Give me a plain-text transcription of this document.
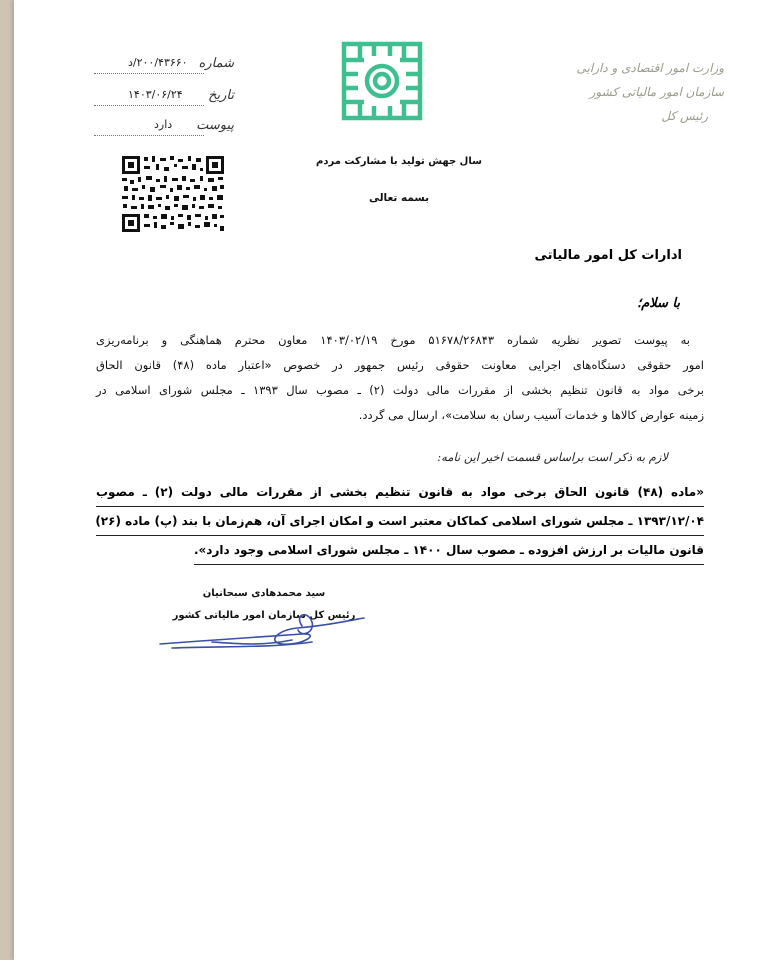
شماره
۲۰۰/۴۳۶۶۰/د
تاریخ
۱۴۰۳/۰۶/۲۴
پیوست
دارد
وزارت امور اقتصادی و دارایی
سازمان امور مالیاتی کشور
رئیس کل
سال جهش تولید با مشارکت مردم
بسمه تعالی
ادارات کل امور مالیاتی
با سلام؛
به پیوست تصویر نظریه شماره ۵۱۶۷۸/۲۶۸۴۳ مورخ ۱۴۰۳/۰۲/۱۹ معاون محترم هماهنگی و برنامه‌ریزی
امور حقوقی دستگاه‌های اجرایی معاونت حقوقی رئیس جمهور در خصوص «اعتبار ماده (۴۸) قانون الحاق
برخی مواد به قانون تنظیم بخشی از مقررات مالی دولت (۲) ـ مصوب سال ۱۳۹۳ ـ مجلس شورای اسلامی در
زمینه عوارض کالاها و خدمات آسیب رسان به سلامت»، ارسال می گردد.
لازم به ذکر است براساس قسمت اخیر این نامه:
«ماده (۴۸) قانون الحاق برخی مواد به قانون تنظیم بخشی از مقررات مالی دولت (۲) ـ مصوب
۱۳۹۳/۱۲/۰۴ ـ مجلس شورای اسلامی کماکان معتبر است و امکان اجرای آن، هم‌زمان با بند (پ) ماده (۲۶)
قانون مالیات بر ارزش افزوده ـ مصوب سال ۱۴۰۰ ـ مجلس شورای اسلامی وجود دارد».
سید محمدهادی سبحانیان
رئیس کل سازمان امور مالیاتی کشور
